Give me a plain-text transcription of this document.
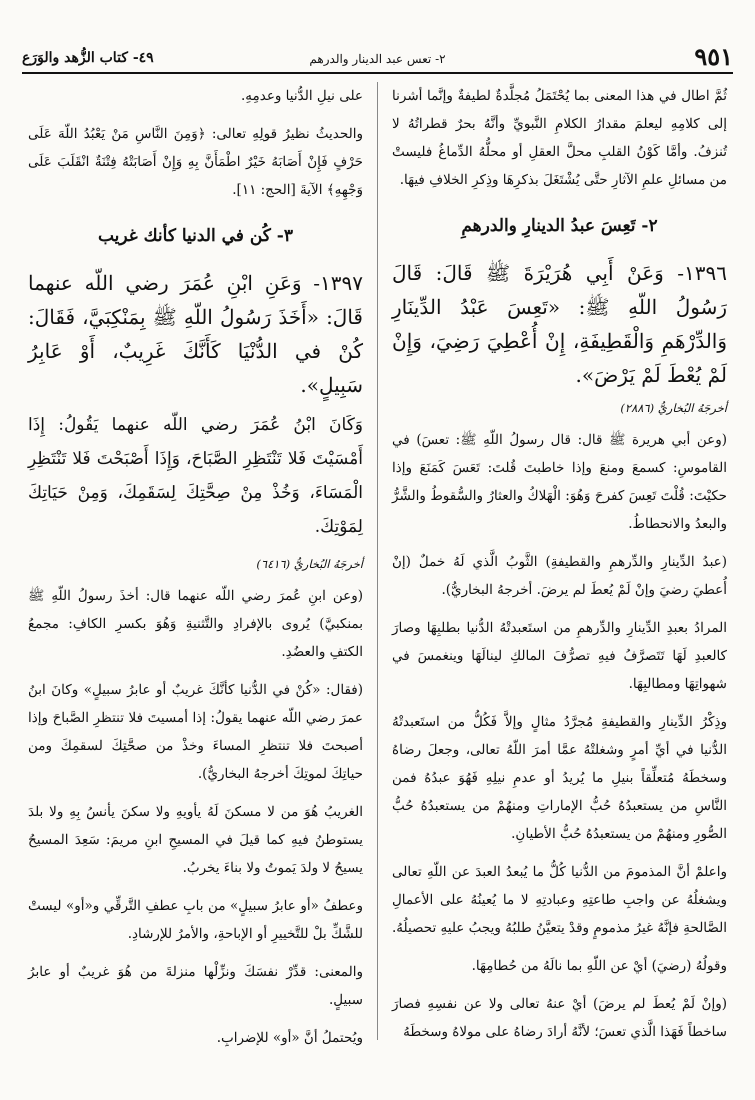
٩٥١
٢- تعس عبد الدينار والدرهم
٤٩- كتاب الزُّهد والوَرَع

ثُمَّ اطال في هذا المعنى بما يُحْتَمَلُ مُجلَّدةٌ لطيفةٌ وإنَّما أشرنا إلى كلامِهِ ليعلمَ مقدارُ الكلامِ النَّبويِّ وأنَّهُ بحرٌ قطراتُهُ لا تُنزفُ. وأمَّا كَوْنُ القلبِ محلَّ العقلِ أو محلُّهُ الدِّماغُ فليستْ من مسائلِ علمِ الآثارِ حتَّى يُشْتَغَلَ بذكرِهَا وذِكرِ الخلافِ فيهَا.

٢- تَعِسَ عبدُ الدينارِ والدرهمِ

١٣٩٦- وَعَنْ أَبِي هُرَيْرَةَ ﷺ قَالَ: قَالَ رَسُولُ اللّهِ ﷺ: «تَعِسَ عَبْدُ الدِّينَارِ وَالدِّرْهَمِ وَالْقَطِيفَةِ، إِنْ أُعْطِيَ رَضِيَ، وَإِنْ لَمْ يُعْطَ لَمْ يَرْضَ».

أخرجَهُ البُخاريُّ (٢٨٨٦)

(وعن أبي هريرة ﷺ قال: قال رسولُ اللّهِ ﷺ: تعسَ) في القاموسِ: كسمعَ ومنعَ وإذا خاطبتَ قُلتَ: تَعَسَ كَمَنَعَ وإذا حكيْتَ: قُلْتَ تَعِسَ كفرحَ وَهُوَ: الْهَلاكُ والعثارُ والسُّقوطُ والشَّرُّ والبعدُ والانحطاطُ.

(عبدُ الدِّينارِ والدِّرهمِ والقطيفةِ) الثَّوبُ الَّذي لَهُ خملٌ (إنْ أُعطيَ رضيَ وإنْ لَمْ يُعطَ لم يرضَ. أخرجهُ البخاريُّ).

المرادُ بعبدِ الدِّينارِ والدِّرهمِ من استَعبدتْهُ الدُّنيا بطلبِهَا وصارَ كالعبدِ لَهَا تَتَصرَّفُ فيهِ تصرُّفَ المالكِ لينالَهَا وينغمسَ في شهواتِهَا ومطالبِهَا.

وذِكْرُ الدِّينارِ والقطيفةِ مُجرَّدُ مثالٍ وإلاَّ فَكُلُّ من استَعبدتْهُ الدُّنيا في أيِّ أمرٍ وشغلتْهُ عمَّا أمرَ اللّهُ تعالى، وجعلَ رضاهُ وسخطَهُ مُتعلِّقاً بنيلِ ما يُريدُ أو عدمِ نيلِهِ فَهُوَ عبدُهُ فمن النَّاسِ من يستعبدُهُ حُبُّ الإماراتِ ومنهُمْ من يستعبدُهُ حُبُّ الصُّورِ ومنهُمْ من يستعبدُهُ حُبُّ الأطيانِ.

واعلمْ أنَّ المذمومَ من الدُّنيا كُلُّ ما يُبعدُ العبدَ عن اللّهِ تعالى ويشغلُهُ عن واجبِ طاعتِهِ وعبادتِهِ لا ما يُعينُهُ على الأعمالِ الصَّالحةِ فإنَّهُ غيرُ مذمومٍ وقدْ يتعيَّنُ طلبُهُ ويجبُ عليهِ تحصيلُهُ.

وقولُهُ (رضيَ) أيْ عن اللّهِ بما نالَهُ من حُطامِهَا.

(وإنْ لَمْ يُعطَ لم يرضَ) أيْ عنهُ تعالى ولا عن نفسِهِ فصارَ ساخطاً فَهَذا الَّذي تعسَ؛ لأنَّهُ أرادَ رضاهُ على مولاهُ وسخطَهُ

على نيلِ الدُّنيا وعدمِهِ.

والحديثُ نظيرُ قولِهِ تعالى: ﴿وَمِنَ النَّاسِ مَنْ يَعْبُدُ اللّهَ عَلَى حَرْفٍ فَإِنْ أَصَابَهُ خَيْرٌ اطْمَأَنَّ بِهِ وَإِنْ أَصَابَتْهُ فِتْنَةٌ انْقَلَبَ عَلَى وَجْهِهِ﴾ الآيةَ [الحج: ١١].

٣- كُن في الدنيا كأنك غريب

١٣٩٧- وَعَنِ ابْنِ عُمَرَ رضي اللّه عنهما قَالَ: «أَخَذَ رَسُولُ اللّهِ ﷺ بِمَنْكِبَيَّ، فَقَالَ: كُنْ في الدُّنْيَا كَأَنَّكَ غَرِيبٌ، أَوْ عَابِرُ سَبِيلٍ».

وَكَانَ ابْنُ عُمَرَ رضي اللّه عنهما يَقُولُ: إِذَا أَمْسَيْتَ فَلا تَنْتَظِرِ الصَّبَاحَ، وَإِذَا أَصْبَحْتَ فَلا تَنْتَظِرِ الْمَسَاءَ، وَخُذْ مِنْ صِحَّتِكَ لِسَقَمِكَ، وَمِنْ حَيَاتِكَ لِمَوْتِكَ.

أخرجَهُ البُخاريُّ (٦٤١٦)

(وعن ابنِ عُمرَ رضي اللّه عنهما قال: أخذَ رسولُ اللّهِ ﷺ بمنكبيَّ) يُروى بالإفرادِ والتَّثنيةِ وَهُوَ بكسرِ الكافِ: مجمعُ الكتفِ والعضُدِ.

(فقال: «كُنْ في الدُّنيا كأنَّكَ غريبٌ أو عابرُ سبيلٍ» وكانَ ابنُ عمرَ رضي اللّه عنهما يقولُ: إذا أمسيتَ فلا تنتظرِ الصَّباحَ وإذا أصبحتَ فلا تنتظرِ المساءَ وخذْ من صحَّتِكَ لسقمِكَ ومن حياتِكَ لموتِكَ أخرجهُ البخاريُّ).

الغريبُ هُوَ من لا مسكنَ لَهُ يأويهِ ولا سكنَ يأنسُ بِهِ ولا بلدَ يستوطنُ فيهِ كما قيلَ في المسيحِ ابنِ مريمَ: سَعِدَ المسيحُ يسيحُ لا ولدَ يَموتُ ولا بناءَ يخربُ.

وعطفُ «أو عابرُ سبيلٍ» من بابِ عطفِ التَّرقِّي و«أو» ليستْ للشَّكِّ بلْ للتَّخييرِ أو الإباحةِ، والأمرُ للإرشادِ.

والمعنى: قدِّرْ نفسَكَ ونزِّلْها منزلةَ من هُوَ غريبٌ أو عابرُ سبيلٍ.

ويُحتملُ أنَّ «أو» للإضرابِ.
